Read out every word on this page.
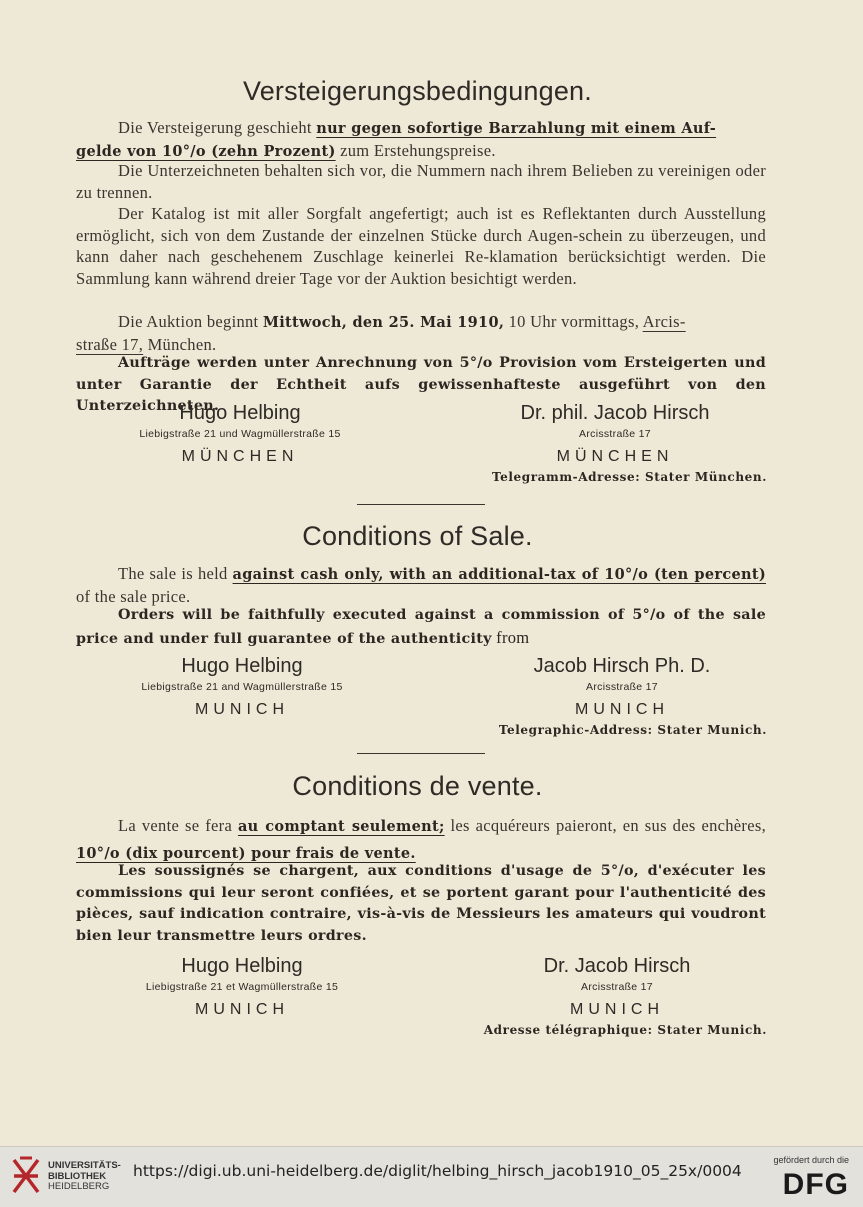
Versteigerungsbedingungen.
Die Versteigerung geschieht nur gegen sofortige Barzahlung mit einem Auf-
gelde von 10°/o (zehn Prozent) zum Erstehungspreise.
Die Unterzeichneten behalten sich vor, die Nummern nach ihrem Belieben zu vereinigen oder zu trennen.
Der Katalog ist mit aller Sorgfalt angefertigt; auch ist es Reflektanten durch Ausstellung ermöglicht, sich von dem Zustande der einzelnen Stücke durch Augen-schein zu überzeugen, und kann daher nach geschehenem Zuschlage keinerlei Re-klamation berücksichtigt werden. Die Sammlung kann während dreier Tage vor der Auktion besichtigt werden.
Die Auktion beginnt Mittwoch, den 25. Mai 1910, 10 Uhr vormittags, Arcis-
straße 17, München.
Aufträge werden unter Anrechnung von 5°/o Provision vom Ersteigerten und unter Garantie der Echtheit aufs gewissenhafteste ausgeführt von den Unterzeichneten.
Hugo Helbing
Liebigstraße 21 und Wagmüllerstraße 15
MÜNCHEN
Dr. phil. Jacob Hirsch
Arcisstraße 17
MÜNCHEN
Telegramm-Adresse: Stater München.
Conditions of Sale.
The sale is held against cash only, with an additional-tax of 10°/o (ten percent) of the sale price.
Orders will be faithfully executed against a commission of 5°/o of the sale price and under full guarantee of the authenticity from
Hugo Helbing
Liebigstraße 21 and Wagmüllerstraße 15
MUNICH
Jacob Hirsch Ph. D.
Arcisstraße 17
MUNICH
Telegraphic-Address: Stater Munich.
Conditions de vente.
La vente se fera au comptant seulement; les acquéreurs paieront, en sus des enchères, 10°/o (dix pourcent) pour frais de vente.
Les soussignés se chargent, aux conditions d'usage de 5°/o, d'exécuter les commissions qui leur seront confiées, et se portent garant pour l'authenticité des pièces, sauf indication contraire, vis-à-vis de Messieurs les amateurs qui voudront bien leur transmettre leurs ordres.
Hugo Helbing
Liebigstraße 21 et Wagmüllerstraße 15
MUNICH
Dr. Jacob Hirsch
Arcisstraße 17
MUNICH
Adresse télégraphique: Stater Munich.
UNIVERSITÄTS-
BIBLIOTHEK
HEIDELBERG
https://digi.ub.uni-heidelberg.de/diglit/helbing_hirsch_jacob1910_05_25x/0004
gefördert durch die
DFG
